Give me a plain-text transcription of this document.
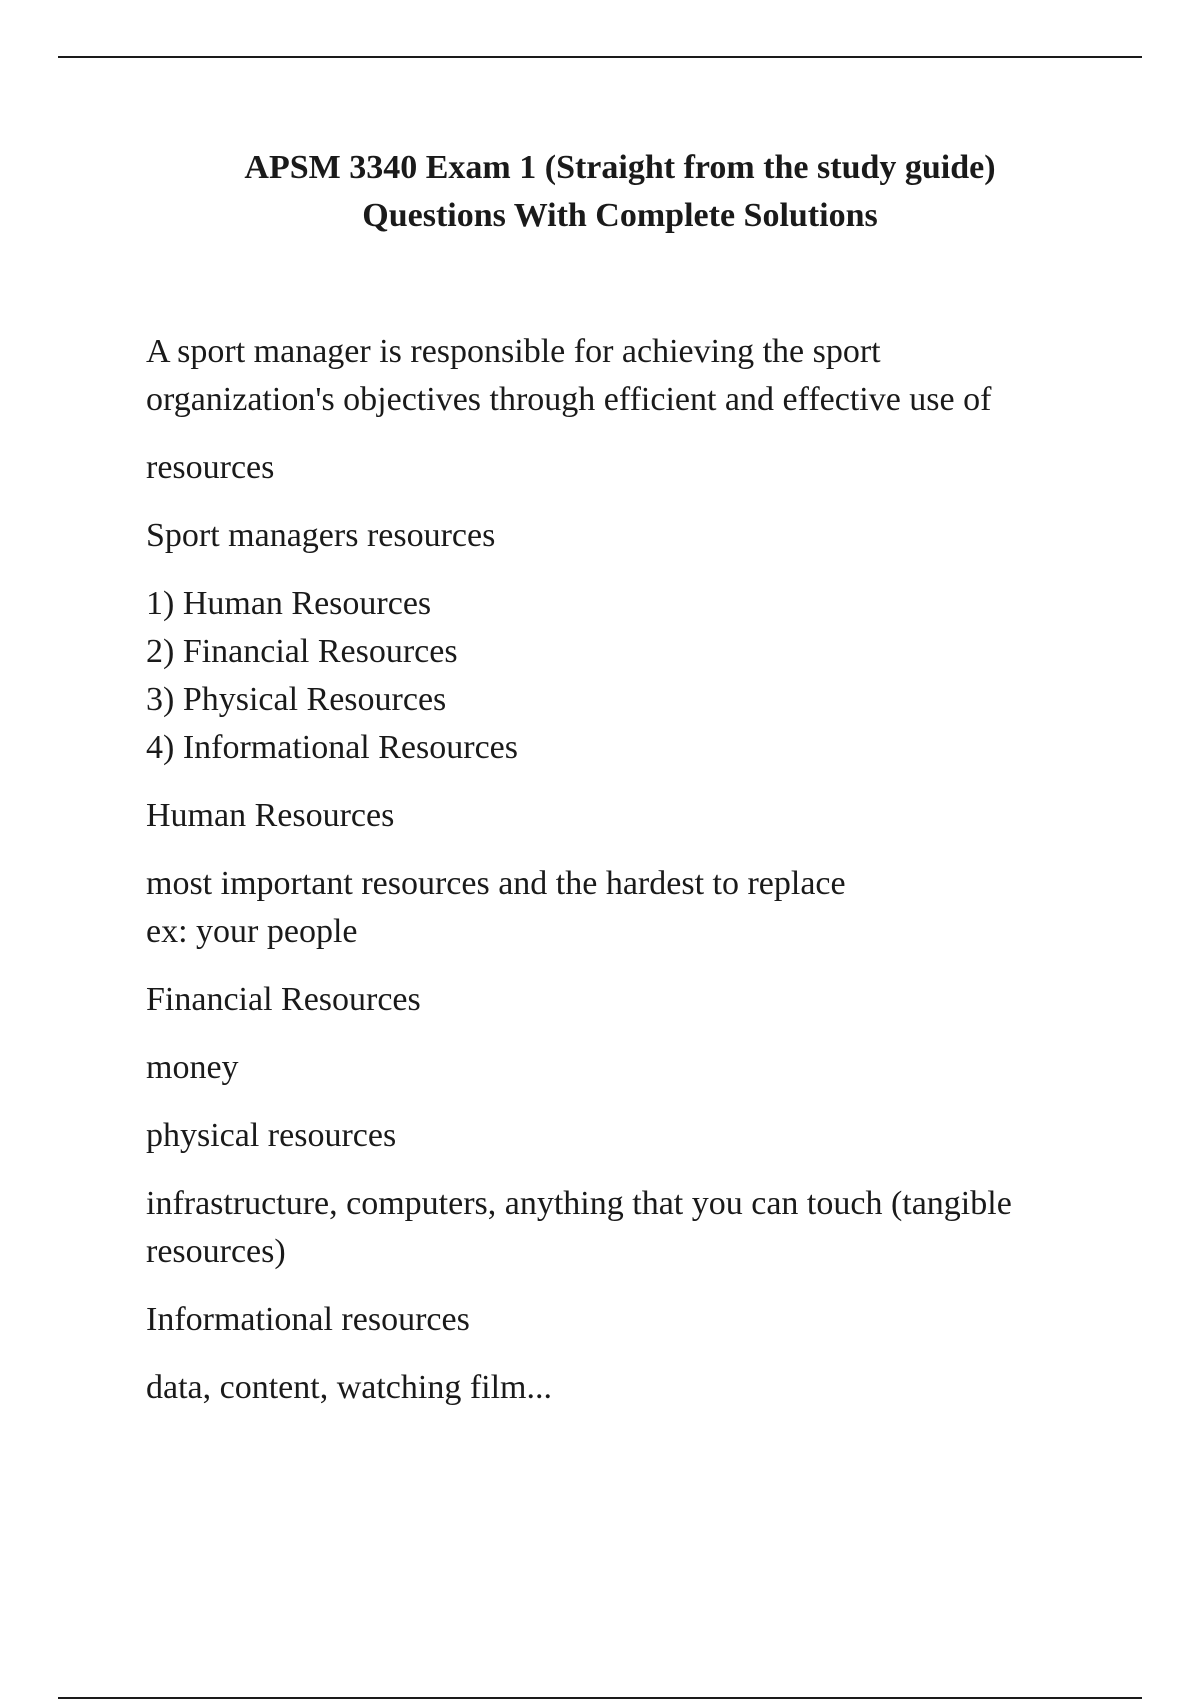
APSM 3340 Exam 1 (Straight from the study guide)
Questions With Complete Solutions
A sport manager is responsible for achieving the sport
organization's objectives through efficient and effective use of
resources
Sport managers resources
1) Human Resources
2) Financial Resources
3) Physical Resources
4) Informational Resources
Human Resources
most important resources and the hardest to replace
ex: your people
Financial Resources
money
physical resources
infrastructure, computers, anything that you can touch (tangible
resources)
Informational resources
data, content, watching film...
